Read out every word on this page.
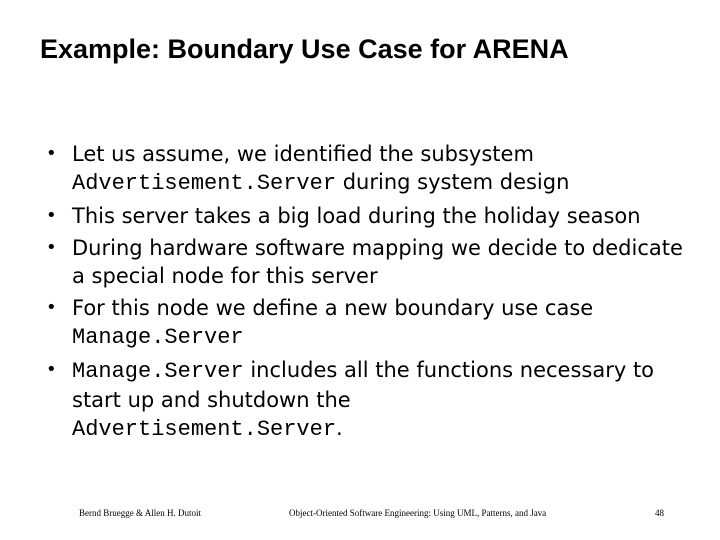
Example: Boundary Use Case for ARENA
• Let us assume, we identified the subsystem
Advertisement.Server during system design
• This server takes a big load during the holiday season
• During hardware software mapping we decide to dedicate a special node for this server
• For this node we define a new boundary use case Manage.Server
• Manage.Server includes all the functions necessary to start up and shutdown the
Advertisement.Server.
Bernd Bruegge & Allen H. Dutoit	Object-Oriented Software Engineering: Using UML, Patterns, and Java	48
